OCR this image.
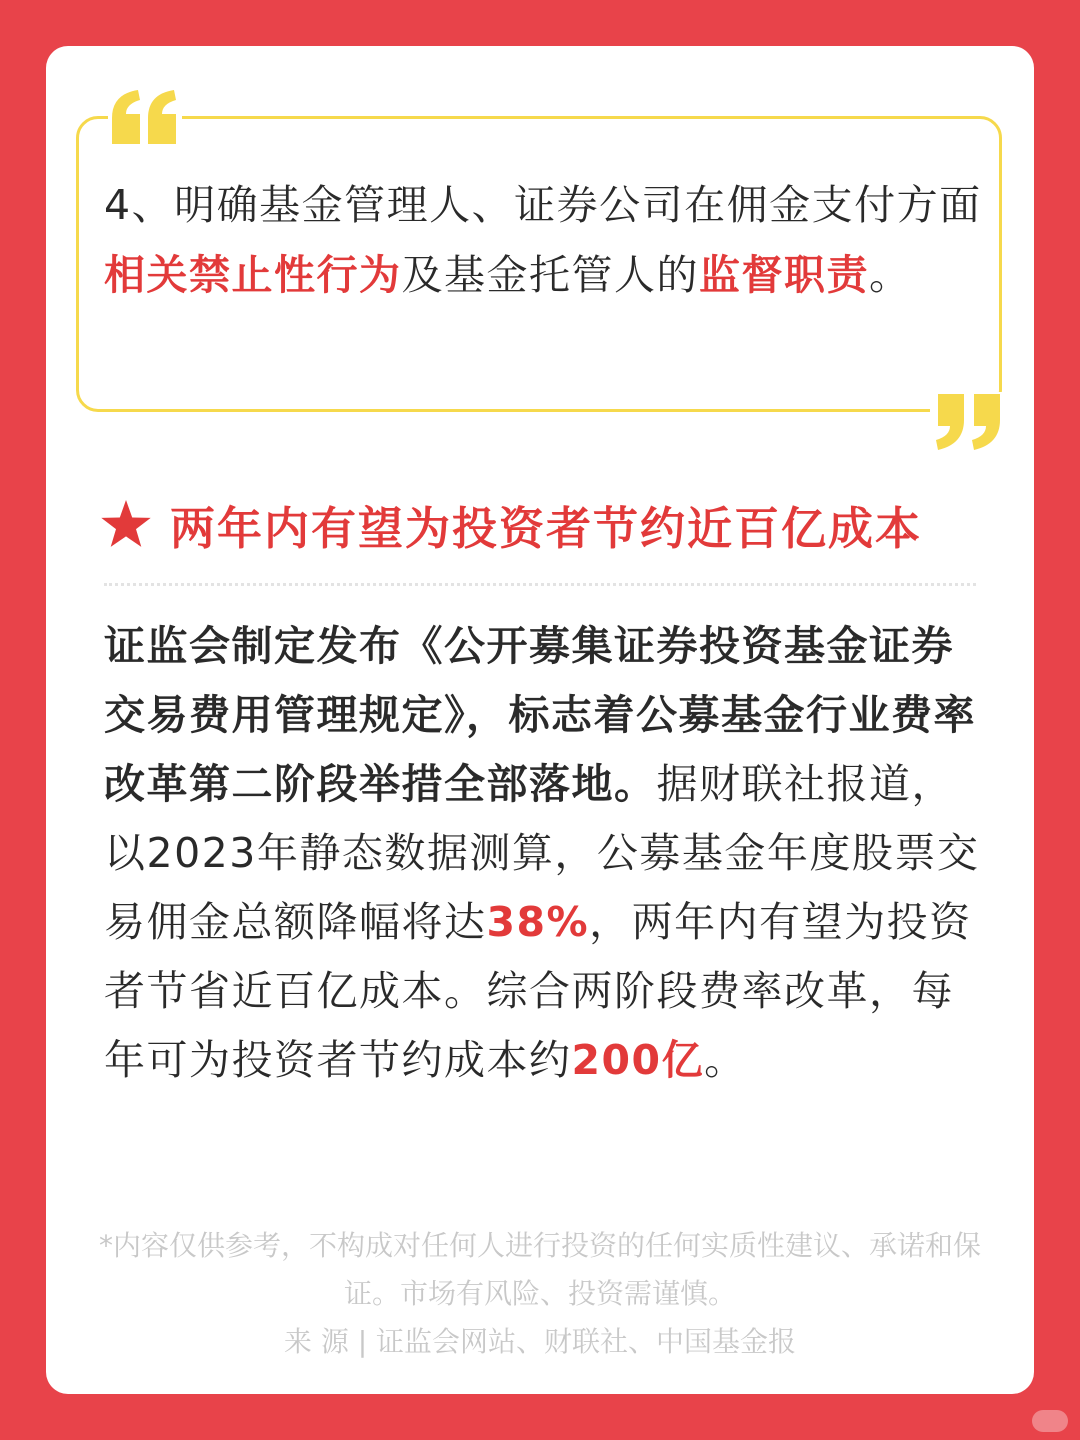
4、明确基金管理人、证券公司在佣金支付方面相关禁止性行为及基金托管人的监督职责。
两年内有望为投资者节约近百亿成本
证监会制定发布《公开募集证券投资基金证券交易费用管理规定》，标志着公募基金行业费率改革第二阶段举措全部落地。据财联社报道，以2023年静态数据测算，公募基金年度股票交易佣金总额降幅将达38%，两年内有望为投资者节省近百亿成本。综合两阶段费率改革，每年可为投资者节约成本约200亿。
*内容仅供参考，不构成对任何人进行投资的任何实质性建议、承诺和保证。市场有风险、投资需谨慎。
来 源 | 证监会网站、财联社、中国基金报
